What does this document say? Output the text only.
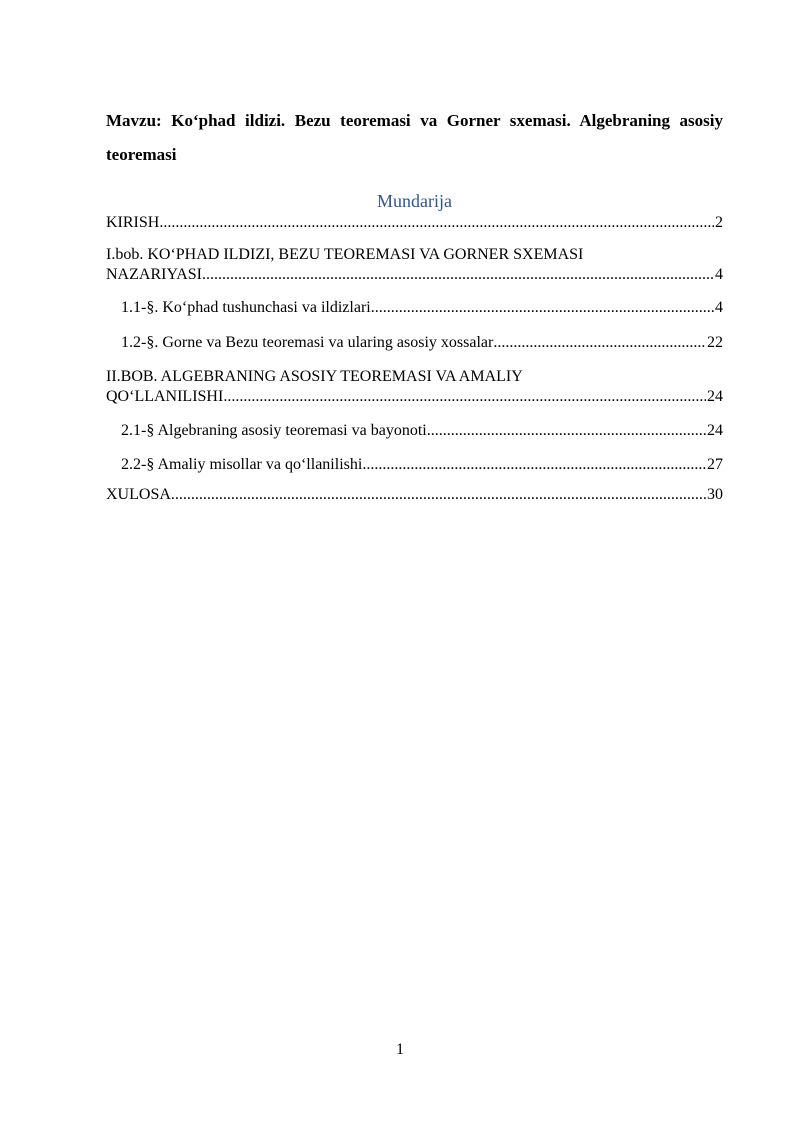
Mavzu: Ko‘phad ildizi. Bezu teoremasi va Gorner sxemasi. Algebraning asosiy teoremasi

Mundarija

KIRISH .....	2
I.bob. KO‘PHAD ILDIZI, BEZU TEOREMASI VA GORNER SXEMASI
NAZARIYASI .....	4
1.1-§. Ko‘phad tushunchasi va ildizlari .....	4
1.2-§. Gorne va Bezu teoremasi va ularing asosiy xossalar .....	22
II.BOB. ALGEBRANING ASOSIY TEOREMASI VA AMALIY
QO‘LLANILISHI .....	24
2.1-§ Algebraning asosiy teoremasi va bayonoti .....	24
2.2-§ Amaliy misollar va qo‘llanilishi .....	27
XULOSA .....	30
1
